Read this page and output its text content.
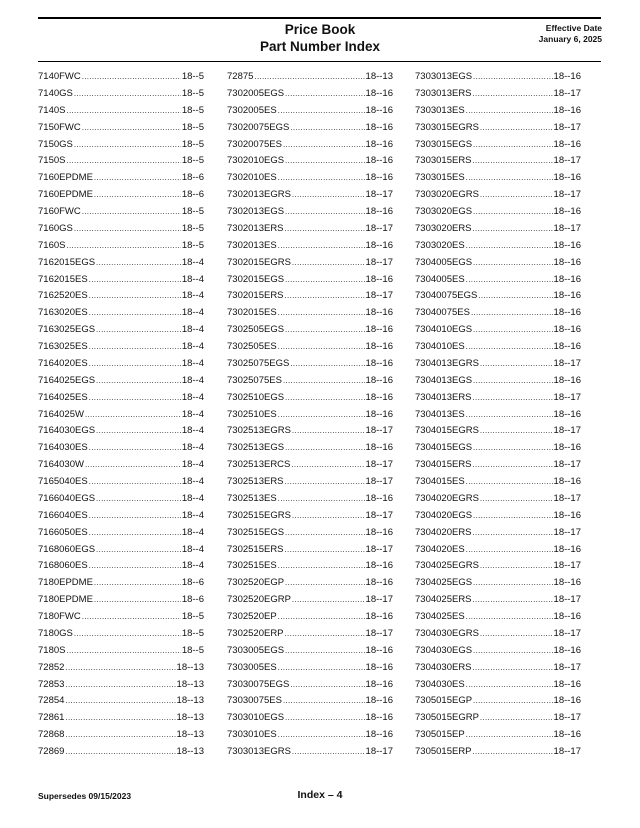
Price Book
Part Number Index
Effective Date
January 6, 2025
7140FWC .....	18--5
7140GS .....	18--5
7140S .....	18--5
7150FWC .....	18--5
7150GS .....	18--5
7150S .....	18--5
7160EPDME .....	18--6
7160EPDME .....	18--6
7160FWC .....	18--5
7160GS .....	18--5
7160S .....	18--5
7162015EGS .....	18--4
7162015ES .....	18--4
7162520ES .....	18--4
7163020ES .....	18--4
7163025EGS .....	18--4
7163025ES .....	18--4
7164020ES .....	18--4
7164025EGS .....	18--4
7164025ES .....	18--4
7164025W .....	18--4
7164030EGS .....	18--4
7164030ES .....	18--4
7164030W .....	18--4
7165040ES .....	18--4
7166040EGS .....	18--4
7166040ES .....	18--4
7166050ES .....	18--4
7168060EGS .....	18--4
7168060ES .....	18--4
7180EPDME .....	18--6
7180EPDME .....	18--6
7180FWC .....	18--5
7180GS .....	18--5
7180S .....	18--5
72852 .....	18--13
72853 .....	18--13
72854 .....	18--13
72861 .....	18--13
72868 .....	18--13
72869 .....	18--13
72875 .....	18--13
7302005EGS .....	18--16
7302005ES .....	18--16
73020075EGS .....	18--16
73020075ES .....	18--16
7302010EGS .....	18--16
7302010ES .....	18--16
7302013EGRS .....	18--17
7302013EGS .....	18--16
7302013ERS .....	18--17
7302013ES .....	18--16
7302015EGRS .....	18--17
7302015EGS .....	18--16
7302015ERS .....	18--17
7302015ES .....	18--16
7302505EGS .....	18--16
7302505ES .....	18--16
73025075EGS .....	18--16
73025075ES .....	18--16
7302510EGS .....	18--16
7302510ES .....	18--16
7302513EGRS .....	18--17
7302513EGS .....	18--16
7302513ERCS .....	18--17
7302513ERS .....	18--17
7302513ES .....	18--16
7302515EGRS .....	18--17
7302515EGS .....	18--16
7302515ERS .....	18--17
7302515ES .....	18--16
7302520EGP .....	18--16
7302520EGRP .....	18--17
7302520EP .....	18--16
7302520ERP .....	18--17
7303005EGS .....	18--16
7303005ES .....	18--16
73030075EGS .....	18--16
73030075ES .....	18--16
7303010EGS .....	18--16
7303010ES .....	18--16
7303013EGRS .....	18--17
7303013EGS .....	18--16
7303013ERS .....	18--17
7303013ES .....	18--16
7303015EGRS .....	18--17
7303015EGS .....	18--16
7303015ERS .....	18--17
7303015ES .....	18--16
7303020EGRS .....	18--17
7303020EGS .....	18--16
7303020ERS .....	18--17
7303020ES .....	18--16
7304005EGS .....	18--16
7304005ES .....	18--16
73040075EGS .....	18--16
73040075ES .....	18--16
7304010EGS .....	18--16
7304010ES .....	18--16
7304013EGRS .....	18--17
7304013EGS .....	18--16
7304013ERS .....	18--17
7304013ES .....	18--16
7304015EGRS .....	18--17
7304015EGS .....	18--16
7304015ERS .....	18--17
7304015ES .....	18--16
7304020EGRS .....	18--17
7304020EGS .....	18--16
7304020ERS .....	18--17
7304020ES .....	18--16
7304025EGRS .....	18--17
7304025EGS .....	18--16
7304025ERS .....	18--17
7304025ES .....	18--16
7304030EGRS .....	18--17
7304030EGS .....	18--16
7304030ERS .....	18--17
7304030ES .....	18--16
7305015EGP .....	18--16
7305015EGRP .....	18--17
7305015EP .....	18--16
7305015ERP .....	18--17
Supersedes 09/15/2023	Index – 4
